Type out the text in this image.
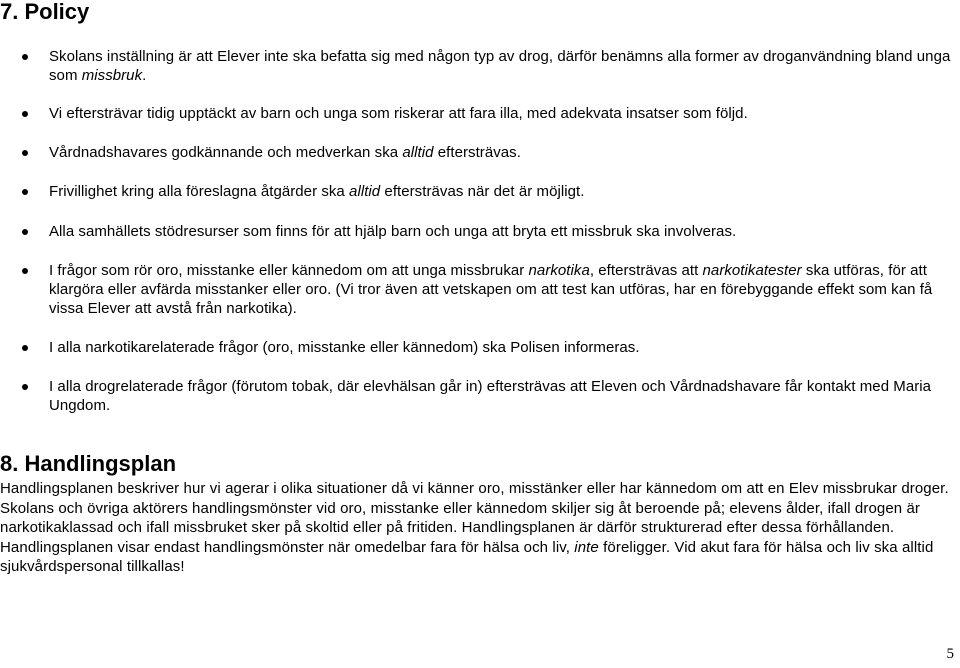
7. Policy
Skolans inställning är att Elever inte ska befatta sig med någon typ av drog, därför benämns alla former av droganvändning bland unga som missbruk.
Vi eftersträvar tidig upptäckt av barn och unga som riskerar att fara illa, med adekvata insatser som följd.
Vårdnadshavares godkännande och medverkan ska alltid eftersträvas.
Frivillighet kring alla föreslagna åtgärder ska alltid eftersträvas när det är möjligt.
Alla samhällets stödresurser som finns för att hjälp barn och unga att bryta ett missbruk ska involveras.
I frågor som rör oro, misstanke eller kännedom om att unga missbrukar narkotika, eftersträvas att narkotikatester ska utföras, för att klargöra eller avfärda misstanker eller oro. (Vi tror även att vetskapen om att test kan utföras, har en förebyggande effekt som kan få vissa Elever att avstå från narkotika).
I alla narkotikarelaterade frågor (oro, misstanke eller kännedom) ska Polisen informeras.
I alla drogrelaterade frågor (förutom tobak, där elevhälsan går in) eftersträvas att Eleven och Vårdnadshavare får kontakt med Maria Ungdom.
8. Handlingsplan
Handlingsplanen beskriver hur vi agerar i olika situationer då vi känner oro, misstänker eller har kännedom om att en Elev missbrukar droger. Skolans och övriga aktörers handlingsmönster vid oro, misstanke eller kännedom skiljer sig åt beroende på; elevens ålder, ifall drogen är narkotikaklassad och ifall missbruket sker på skoltid eller på fritiden. Handlingsplanen är därför strukturerad efter dessa förhållanden. Handlingsplanen visar endast handlingsmönster när omedelbar fara för hälsa och liv, inte föreligger. Vid akut fara för hälsa och liv ska alltid sjukvårdspersonal tillkallas!
5
